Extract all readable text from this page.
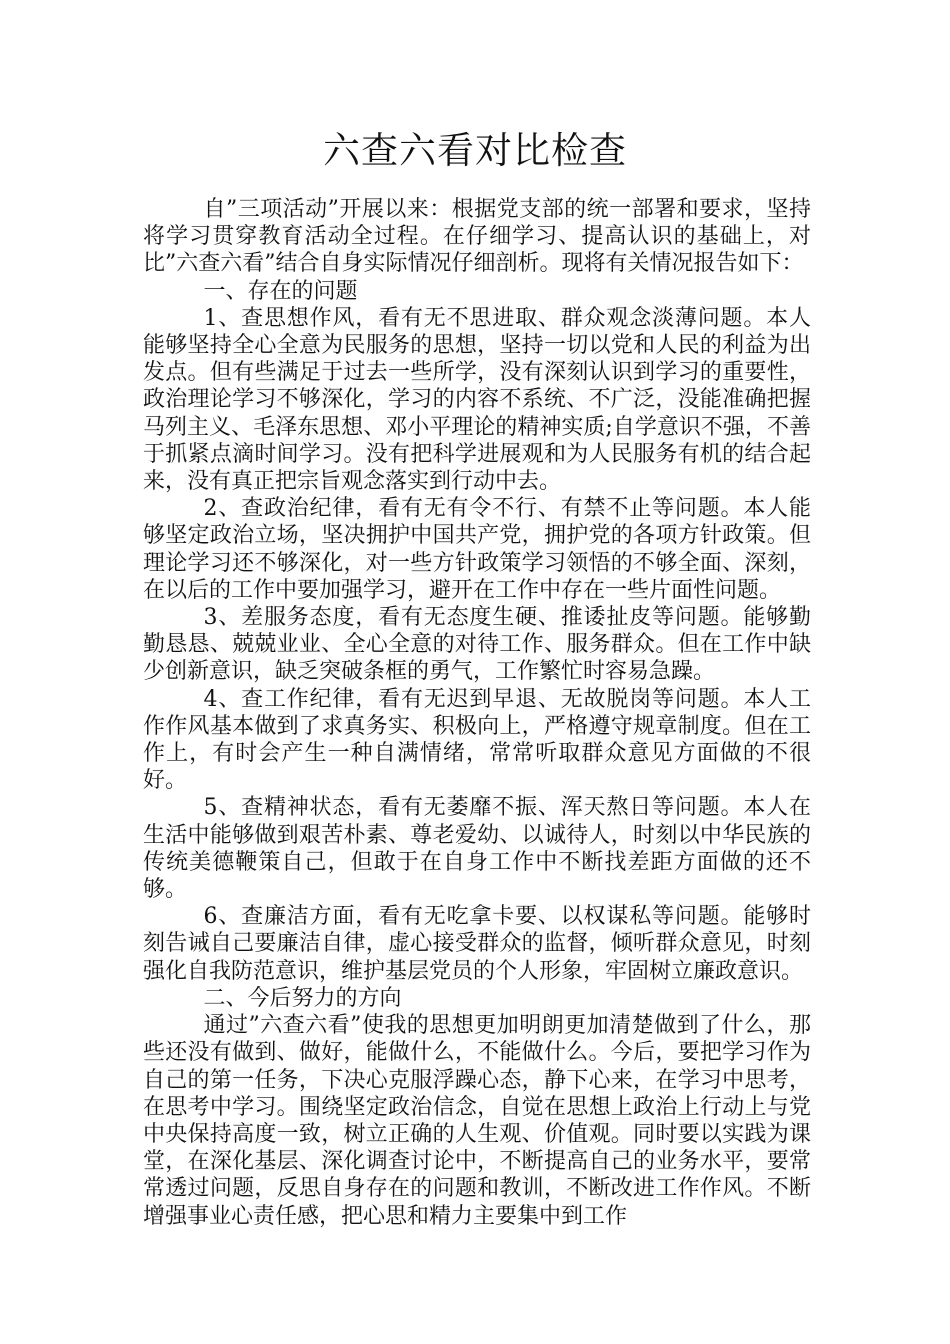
六查六看对比检查

自”三项活动”开展以来：根据党支部的统一部署和要求，坚持将学习贯穿教育活动全过程。在仔细学习、提高认识的基础上，对比”六查六看”结合自身实际情况仔细剖析。现将有关情况报告如下：

一、存在的问题

1、查思想作风，看有无不思进取、群众观念淡薄问题。本人能够坚持全心全意为民服务的思想，坚持一切以党和人民的利益为出发点。但有些满足于过去一些所学，没有深刻认识到学习的重要性，政治理论学习不够深化，学习的内容不系统、不广泛，没能准确把握马列主义、毛泽东思想、邓小平理论的精神实质;自学意识不强，不善于抓紧点滴时间学习。没有把科学进展观和为人民服务有机的结合起来，没有真正把宗旨观念落实到行动中去。

2、查政治纪律，看有无有令不行、有禁不止等问题。本人能够坚定政治立场，坚决拥护中国共产党，拥护党的各项方针政策。但理论学习还不够深化，对一些方针政策学习领悟的不够全面、深刻，在以后的工作中要加强学习，避开在工作中存在一些片面性问题。

3、差服务态度，看有无态度生硬、推诿扯皮等问题。能够勤勤恳恳、兢兢业业、全心全意的对待工作、服务群众。但在工作中缺少创新意识，缺乏突破条框的勇气，工作繁忙时容易急躁。

4、查工作纪律，看有无迟到早退、无故脱岗等问题。本人工作作风基本做到了求真务实、积极向上，严格遵守规章制度。但在工作上，有时会产生一种自满情绪，常常听取群众意见方面做的不很好。

5、查精神状态，看有无萎靡不振、浑天熬日等问题。本人在生活中能够做到艰苦朴素、尊老爱幼、以诚待人，时刻以中华民族的传统美德鞭策自己，但敢于在自身工作中不断找差距方面做的还不够。

6、查廉洁方面，看有无吃拿卡要、以权谋私等问题。能够时刻告诫自己要廉洁自律，虚心接受群众的监督，倾听群众意见，时刻强化自我防范意识，维护基层党员的个人形象，牢固树立廉政意识。

二、今后努力的方向

通过”六查六看”使我的思想更加明朗更加清楚做到了什么，那些还没有做到、做好，能做什么，不能做什么。今后，要把学习作为自己的第一任务，下决心克服浮躁心态，静下心来，在学习中思考，在思考中学习。围绕坚定政治信念，自觉在思想上政治上行动上与党中央保持高度一致，树立正确的人生观、价值观。同时要以实践为课堂，在深化基层、深化调查讨论中，不断提高自己的业务水平，要常常透过问题，反思自身存在的问题和教训，不断改进工作作风。不断增强事业心责任感，把心思和精力主要集中到工作
